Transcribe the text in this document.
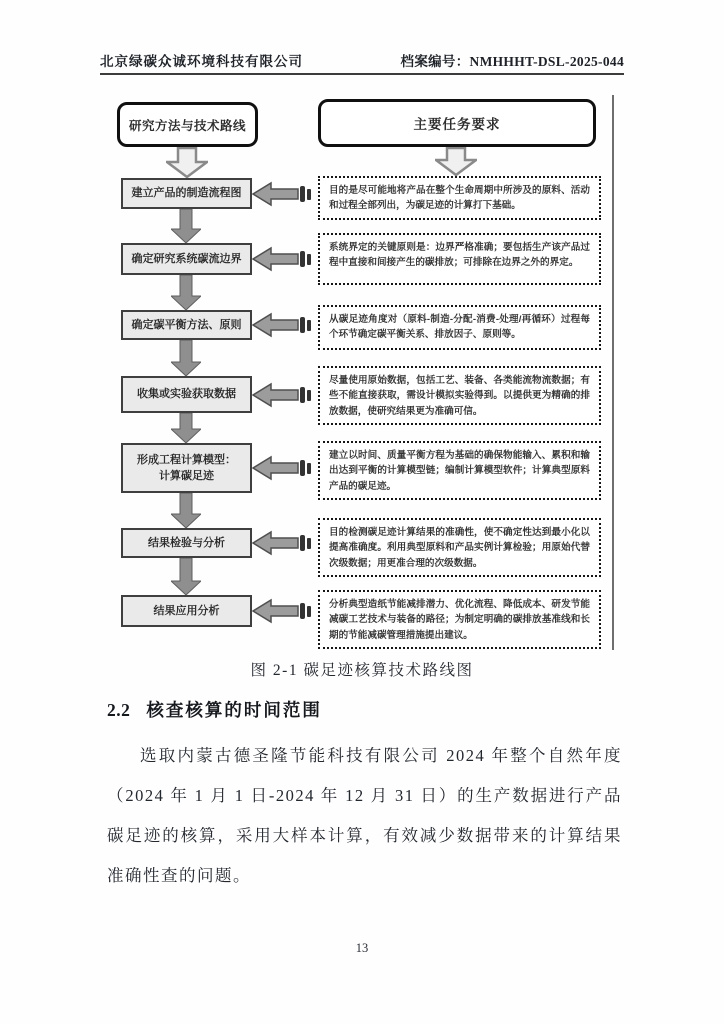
北京绿碳众诚环境科技有限公司	档案编号：NMHHHT-DSL-2025-044
研究方法与技术路线	主要任务要求
建立产品的制造流程图
确定研究系统碳流边界
确定碳平衡方法、原则
收集或实验获取数据
形成工程计算模型：
计算碳足迹
结果检验与分析
结果应用分析
目的是尽可能地将产品在整个生命周期中所涉及的原料、活动和过程全部列出，为碳足迹的计算打下基础。
系统界定的关键原则是：边界严格准确；要包括生产该产品过程中直接和间接产生的碳排放；可排除在边界之外的界定。
从碳足迹角度对（原料-制造-分配-消费-处理/再循环）过程每个环节确定碳平衡关系、排放因子、原则等。
尽量使用原始数据，包括工艺、装备、各类能流物流数据；有些不能直接获取，需设计模拟实验得到。以提供更为精确的排放数据，使研究结果更为准确可信。
建立以时间、质量平衡方程为基础的确保物能输入、累积和输出达到平衡的计算模型链；编制计算模型软件；计算典型原料产品的碳足迹。
目的检测碳足迹计算结果的准确性，使不确定性达到最小化以提高准确度。利用典型原料和产品实例计算检验；用原始代替次级数据；用更准合理的次级数据。
分析典型造纸节能减排潜力、优化流程、降低成本、研发节能减碳工艺技术与装备的路径；为制定明确的碳排放基准线和长期的节能减碳管理措施提出建议。
图 2-1 碳足迹核算技术路线图
2.2 核查核算的时间范围
选取内蒙古德圣隆节能科技有限公司 2024 年整个自然年度（2024 年 1 月 1 日-2024 年 12 月 31 日）的生产数据进行产品碳足迹的核算，采用大样本计算，有效减少数据带来的计算结果准确性查的问题。
13
